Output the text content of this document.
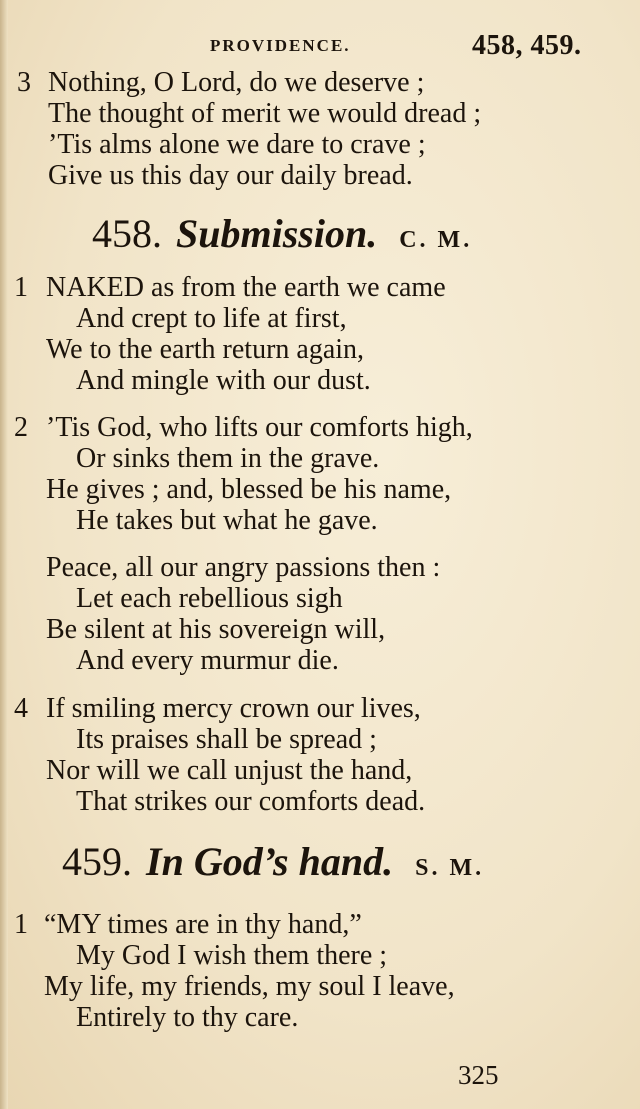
PROVIDENCE.	458, 459.
3 Nothing, O Lord, do we deserve ;
The thought of merit we would dread ;
’Tis alms alone we dare to crave ;
Give us this day our daily bread.
458. Submission. C. M.
1 NAKED as from the earth we came
And crept to life at first,
We to the earth return again,
And mingle with our dust.
2 ’Tis God, who lifts our comforts high,
Or sinks them in the grave.
He gives ; and, blessed be his name,
He takes but what he gave.
Peace, all our angry passions then :
Let each rebellious sigh
Be silent at his sovereign will,
And every murmur die.
4 If smiling mercy crown our lives,
Its praises shall be spread ;
Nor will we call unjust the hand,
That strikes our comforts dead.
459. In God’s hand. S. M.
1 “MY times are in thy hand,”
My God I wish them there ;
My life, my friends, my soul I leave,
Entirely to thy care.
325
